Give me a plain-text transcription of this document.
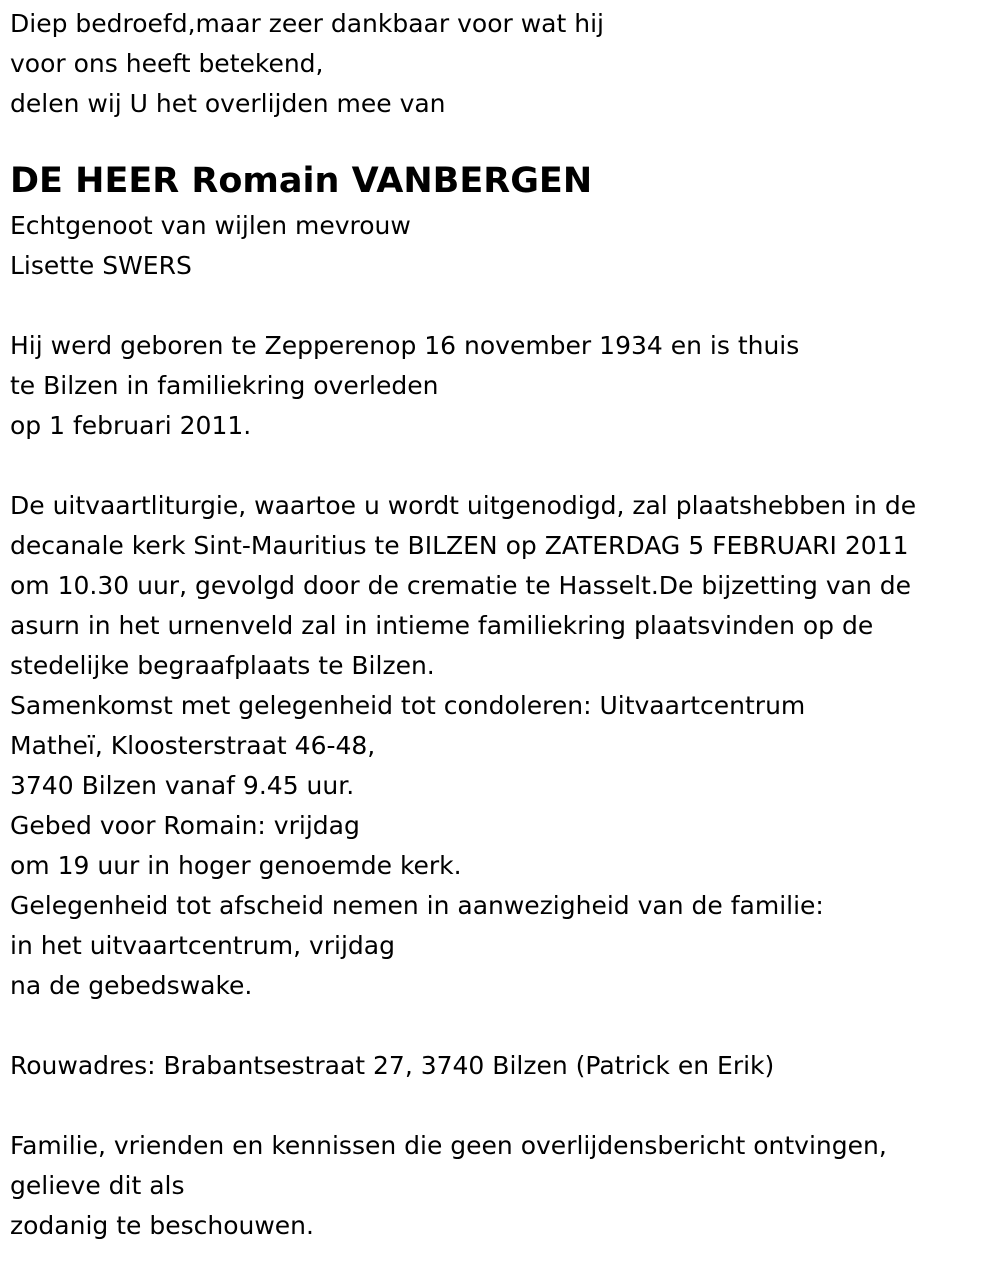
Diep bedroefd,maar zeer dankbaar voor wat hij
voor ons heeft betekend,
delen wij U het overlijden mee van
DE HEER Romain VANBERGEN
Echtgenoot van wijlen mevrouw
Lisette SWERS
Hij werd geboren te Zepperenop 16 november 1934 en is thuis
te Bilzen in familiekring overleden
op 1 februari 2011.
De uitvaartliturgie, waartoe u wordt uitgenodigd, zal plaatshebben in de
decanale kerk Sint-Mauritius te BILZEN op ZATERDAG 5 FEBRUARI 2011
om 10.30 uur, gevolgd door de crematie te Hasselt.De bijzetting van de
asurn in het urnenveld zal in intieme familiekring plaatsvinden op de
stedelijke begraafplaats te Bilzen.
Samenkomst met gelegenheid tot condoleren: Uitvaartcentrum
Matheï, Kloosterstraat 46-48,
3740 Bilzen vanaf 9.45 uur.
Gebed voor Romain: vrijdag
om 19 uur in hoger genoemde kerk.
Gelegenheid tot afscheid nemen in aanwezigheid van de familie:
in het uitvaartcentrum, vrijdag
na de gebedswake.
Rouwadres: Brabantsestraat 27, 3740 Bilzen (Patrick en Erik)
Familie, vrienden en kennissen die geen overlijdensbericht ontvingen,
gelieve dit als
zodanig te beschouwen.
